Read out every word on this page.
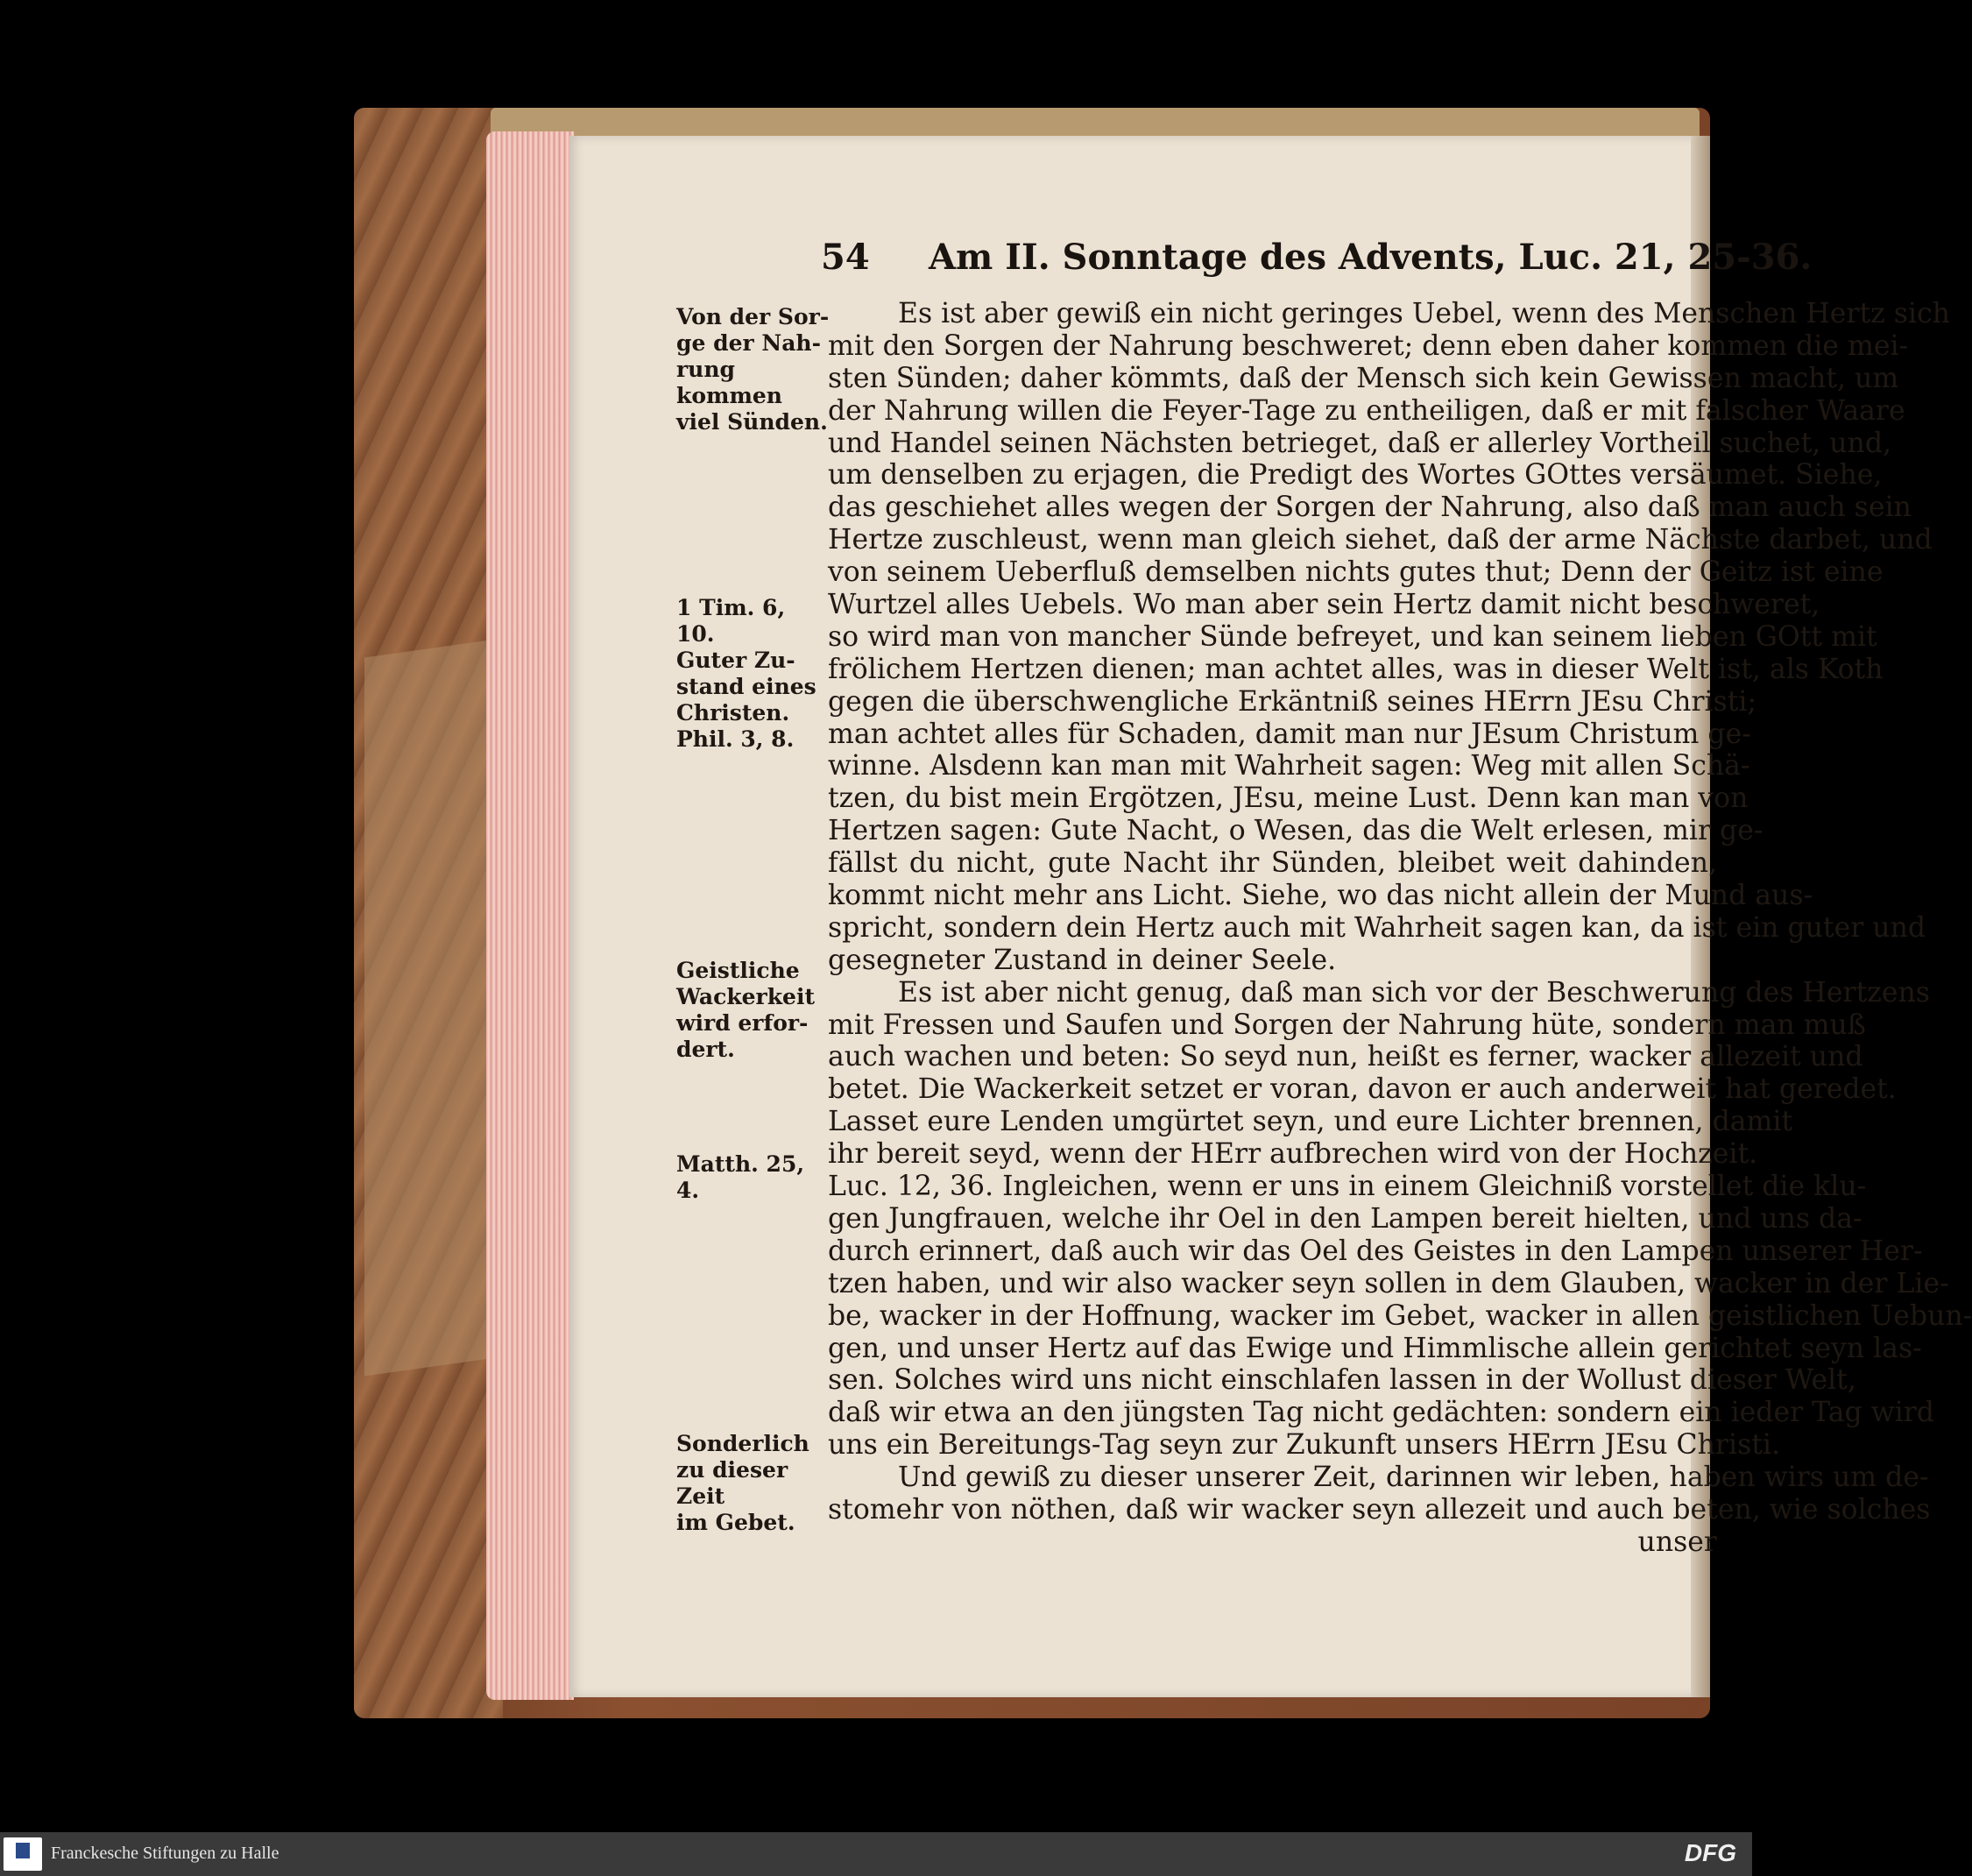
54 Am II. Sonntage des Advents, Luc. 21, 25-36.
Von der Sor-
ge der Nah-
rung kommen
viel Sünden.
1 Tim. 6, 10.
Guter Zu-
stand eines
Christen.
Phil. 3, 8.
Geistliche
Wackerkeit
wird erfor-
dert.
Matth. 25, 4.
Sonderlich
zu dieser Zeit
im Gebet.
Es ist aber gewiß ein nicht geringes Uebel, wenn des Menschen Hertz sich
mit den Sorgen der Nahrung beschweret; denn eben daher kommen die mei-
sten Sünden; daher kömmts, daß der Mensch sich kein Gewissen macht, um
der Nahrung willen die Feyer-Tage zu entheiligen, daß er mit falscher Waare
und Handel seinen Nächsten betrieget, daß er allerley Vortheil suchet, und,
um denselben zu erjagen, die Predigt des Wortes GOttes versäumet. Siehe,
das geschiehet alles wegen der Sorgen der Nahrung, also daß man auch sein
Hertze zuschleust, wenn man gleich siehet, daß der arme Nächste darbet, und
von seinem Ueberfluß demselben nichts gutes thut; Denn der Geitz ist eine
Wurtzel alles Uebels. Wo man aber sein Hertz damit nicht beschweret,
so wird man von mancher Sünde befreyet, und kan seinem lieben GOtt mit
frölichem Hertzen dienen; man achtet alles, was in dieser Welt ist, als Koth
gegen die überschwengliche Erkäntniß seines HErrn JEsu Christi;
man achtet alles für Schaden, damit man nur JEsum Christum ge-
winne. Alsdenn kan man mit Wahrheit sagen: Weg mit allen Schä-
tzen, du bist mein Ergötzen, JEsu, meine Lust. Denn kan man von
Hertzen sagen: Gute Nacht, o Wesen, das die Welt erlesen, mir ge-
fällst du nicht, gute Nacht ihr Sünden, bleibet weit dahinden,
kommt nicht mehr ans Licht. Siehe, wo das nicht allein der Mund aus-
spricht, sondern dein Hertz auch mit Wahrheit sagen kan, da ist ein guter und
gesegneter Zustand in deiner Seele.
Es ist aber nicht genug, daß man sich vor der Beschwerung des Hertzens
mit Fressen und Saufen und Sorgen der Nahrung hüte, sondern man muß
auch wachen und beten: So seyd nun, heißt es ferner, wacker allezeit und
betet. Die Wackerkeit setzet er voran, davon er auch anderweit hat geredet.
Lasset eure Lenden umgürtet seyn, und eure Lichter brennen, damit
ihr bereit seyd, wenn der HErr aufbrechen wird von der Hochzeit.
Luc. 12, 36. Ingleichen, wenn er uns in einem Gleichniß vorstellet die klu-
gen Jungfrauen, welche ihr Oel in den Lampen bereit hielten, und uns da-
durch erinnert, daß auch wir das Oel des Geistes in den Lampen unserer Her-
tzen haben, und wir also wacker seyn sollen in dem Glauben, wacker in der Lie-
be, wacker in der Hoffnung, wacker im Gebet, wacker in allen geistlichen Uebun-
gen, und unser Hertz auf das Ewige und Himmlische allein gerichtet seyn las-
sen. Solches wird uns nicht einschlafen lassen in der Wollust dieser Welt,
daß wir etwa an den jüngsten Tag nicht gedächten: sondern ein ieder Tag wird
uns ein Bereitungs-Tag seyn zur Zukunft unsers HErrn JEsu Christi.
Und gewiß zu dieser unserer Zeit, darinnen wir leben, haben wirs um de-
stomehr von nöthen, daß wir wacker seyn allezeit und auch beten, wie solches
unser
Franckesche Stiftungen zu Halle	DFG
